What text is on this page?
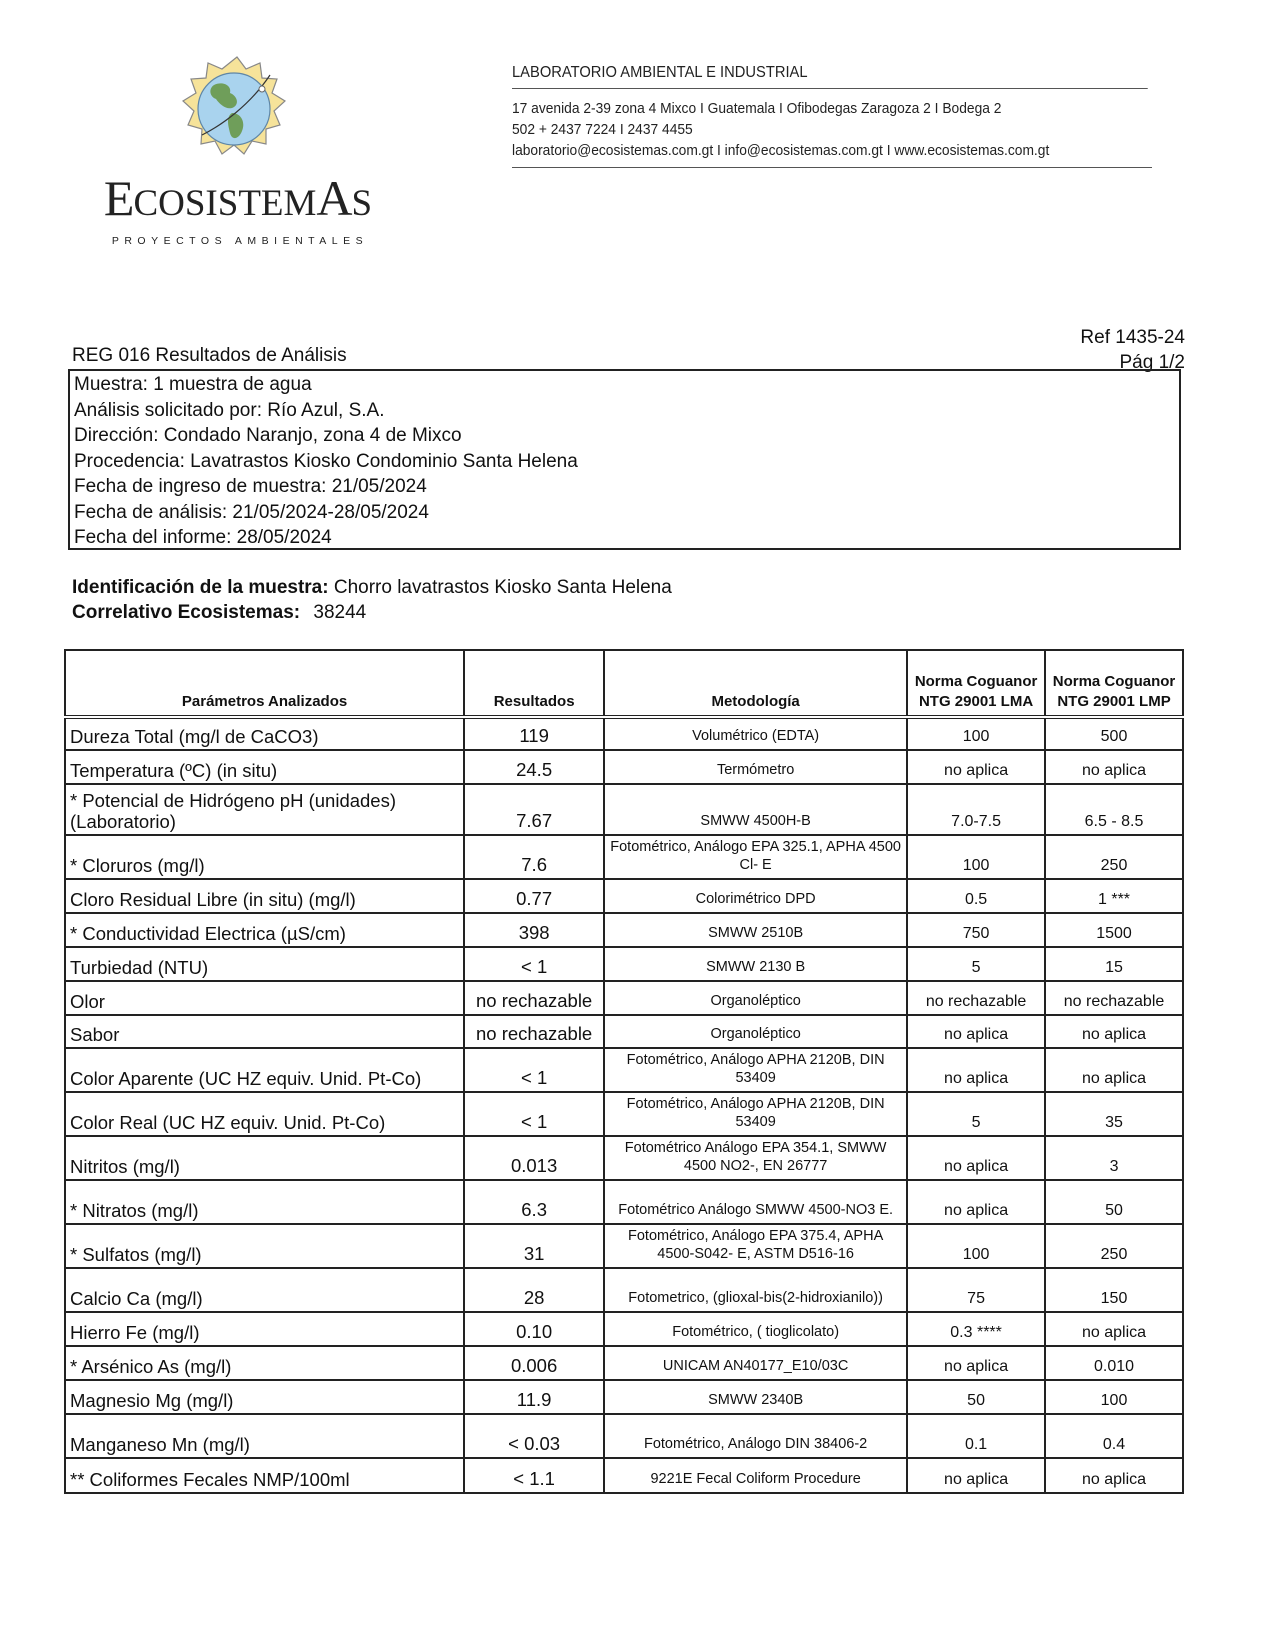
ECOSISTEMAS
PROYECTOS AMBIENTALES
LABORATORIO AMBIENTAL E INDUSTRIAL
17 avenida 2-39 zona 4 Mixco I Guatemala I Ofibodegas Zaragoza 2 I Bodega 2
502 + 2437 7224 I 2437 4455
laboratorio@ecosistemas.com.gt I info@ecosistemas.com.gt I www.ecosistemas.com.gt
Ref 1435-24
Pág 1/2
REG 016 Resultados de Análisis
Muestra: 1 muestra de agua
Análisis solicitado por: Río Azul, S.A.
Dirección: Condado Naranjo, zona 4 de Mixco
Procedencia: Lavatrastos Kiosko Condominio Santa Helena
Fecha de ingreso de muestra: 21/05/2024
Fecha de análisis: 21/05/2024-28/05/2024
Fecha del informe: 28/05/2024
Identificación de la muestra: Chorro lavatrastos Kiosko Santa Helena
Correlativo Ecosistemas: 38244
Parámetros Analizados	Resultados	Metodología	Norma Coguanor NTG 29001 LMA	Norma Coguanor NTG 29001 LMP
Dureza Total (mg/l de CaCO3)	119	Volumétrico (EDTA)	100	500
Temperatura (ºC) (in situ)	24.5	Termómetro	no aplica	no aplica
* Potencial de Hidrógeno pH (unidades) (Laboratorio)	7.67	SMWW 4500H-B	7.0-7.5	6.5 - 8.5
* Cloruros (mg/l)	7.6	Fotométrico, Análogo EPA 325.1, APHA 4500 Cl- E	100	250
Cloro Residual Libre (in situ) (mg/l)	0.77	Colorimétrico DPD	0.5	1 ***
* Conductividad Electrica (µS/cm)	398	SMWW 2510B	750	1500
Turbiedad (NTU)	< 1	SMWW 2130 B	5	15
Olor	no rechazable	Organoléptico	no rechazable	no rechazable
Sabor	no rechazable	Organoléptico	no aplica	no aplica
Color Aparente (UC HZ equiv. Unid. Pt-Co)	< 1	Fotométrico, Análogo APHA 2120B, DIN 53409	no aplica	no aplica
Color Real (UC HZ equiv. Unid. Pt-Co)	< 1	Fotométrico, Análogo APHA 2120B, DIN 53409	5	35
Nitritos (mg/l)	0.013	Fotométrico Análogo EPA 354.1, SMWW 4500 NO2-, EN 26777	no aplica	3
* Nitratos (mg/l)	6.3	Fotométrico Análogo SMWW 4500-NO3 E.	no aplica	50
* Sulfatos (mg/l)	31	Fotométrico, Análogo EPA 375.4, APHA 4500-S042- E, ASTM D516-16	100	250
Calcio Ca (mg/l)	28	Fotometrico, (glioxal-bis(2-hidroxianilo))	75	150
Hierro Fe (mg/l)	0.10	Fotométrico, ( tioglicolato)	0.3 ****	no aplica
* Arsénico As (mg/l)	0.006	UNICAM AN40177_E10/03C	no aplica	0.010
Magnesio Mg (mg/l)	11.9	SMWW 2340B	50	100
Manganeso Mn (mg/l)	< 0.03	Fotométrico, Análogo DIN 38406-2	0.1	0.4
** Coliformes Fecales NMP/100ml	< 1.1	9221E Fecal Coliform Procedure	no aplica	no aplica
